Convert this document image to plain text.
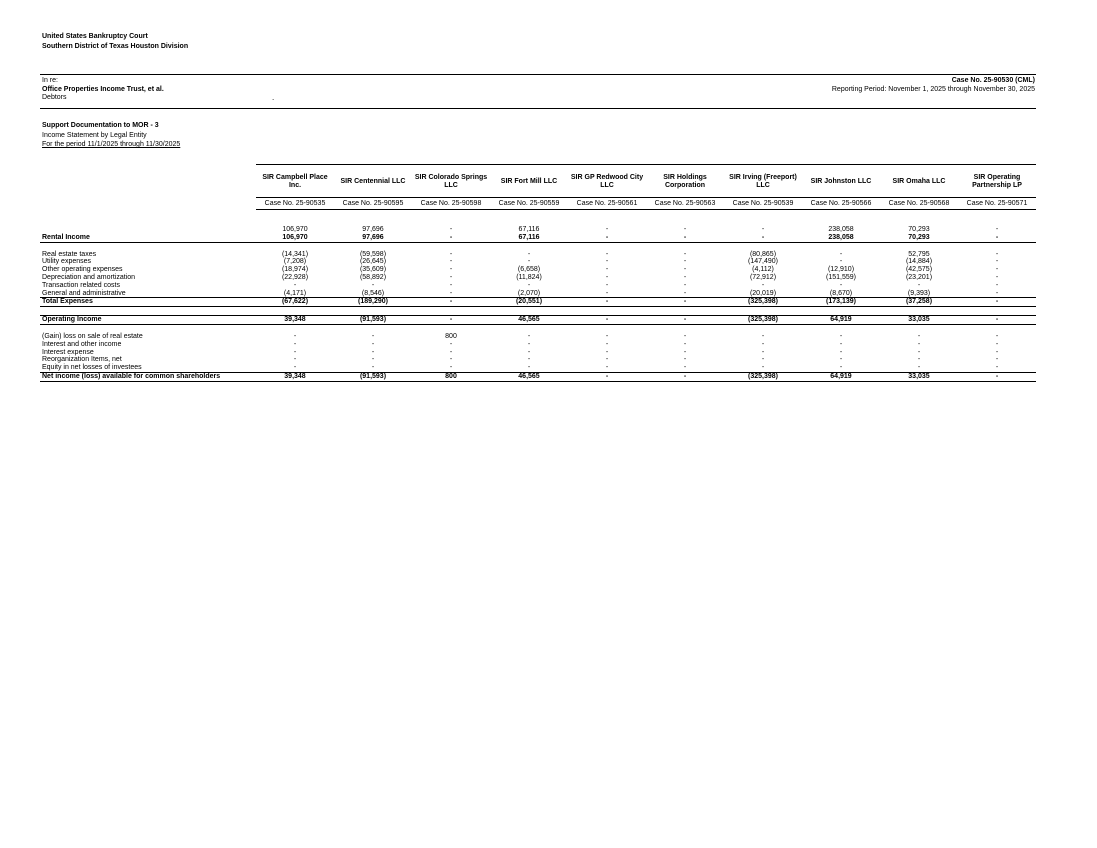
United States Bankruptcy Court
Southern District of Texas Houston Division
In re:
Office Properties Income Trust, et al.
Debtors	.
Case No. 25-90530 (CML)
Reporting Period: November 1, 2025 through November 30, 2025
Support Documentation to MOR - 3
Income Statement by Legal Entity
For the period 11/1/2025 through 11/30/2025
	SIR Campbell Place Inc.	SIR Centennial LLC	SIR Colorado Springs LLC	SIR Fort Mill LLC	SIR GP Redwood City LLC	SIR Holdings Corporation	SIR Irving (Freeport) LLC	SIR Johnston LLC	SIR Omaha LLC	SIR Operating Partnership LP
	Case No. 25-90535	Case No. 25-90595	Case No. 25-90598	Case No. 25-90559	Case No. 25-90561	Case No. 25-90563	Case No. 25-90539	Case No. 25-90566	Case No. 25-90568	Case No. 25-90571

	106,970	97,696	-	67,116	-	-	-	238,058	70,293	-
Rental Income	106,970	97,696	-	67,116	-	-	-	238,058	70,293	-

Real estate taxes	(14,341)	(59,598)	-	-	-	-	(80,865)	-	52,795	-
Utility expenses	(7,208)	(26,645)	-	-	-	-	(147,490)	-	(14,884)	-
Other operating expenses	(18,974)	(35,609)	-	(6,658)	-	-	(4,112)	(12,910)	(42,575)	-
Depreciation and amortization	(22,928)	(58,892)	-	(11,824)	-	-	(72,912)	(151,559)	(23,201)	-
Transaction related costs	-	-	-	-	-	-	-	-	-	-
General and administrative	(4,171)	(8,546)	-	(2,070)	-	-	(20,019)	(8,670)	(9,393)	-
Total Expenses	(67,622)	(189,290)	-	(20,551)	-	-	(325,398)	(173,139)	(37,258)	-

Operating Income	39,348	(91,593)	-	46,565	-	-	(325,398)	64,919	33,035	-

(Gain) loss on sale of real estate	-	-	800	-	-	-	-	-	-	-
Interest and other income	-	-	-	-	-	-	-	-	-	-
Interest expense	-	-	-	-	-	-	-	-	-	-
Reorganization Items, net	-	-	-	-	-	-	-	-	-	-
Equity in net losses of investees	-	-	-	-	-	-	-	-	-	-
Net income (loss) available for common shareholders	39,348	(91,593)	800	46,565	-	-	(325,398)	64,919	33,035	-
